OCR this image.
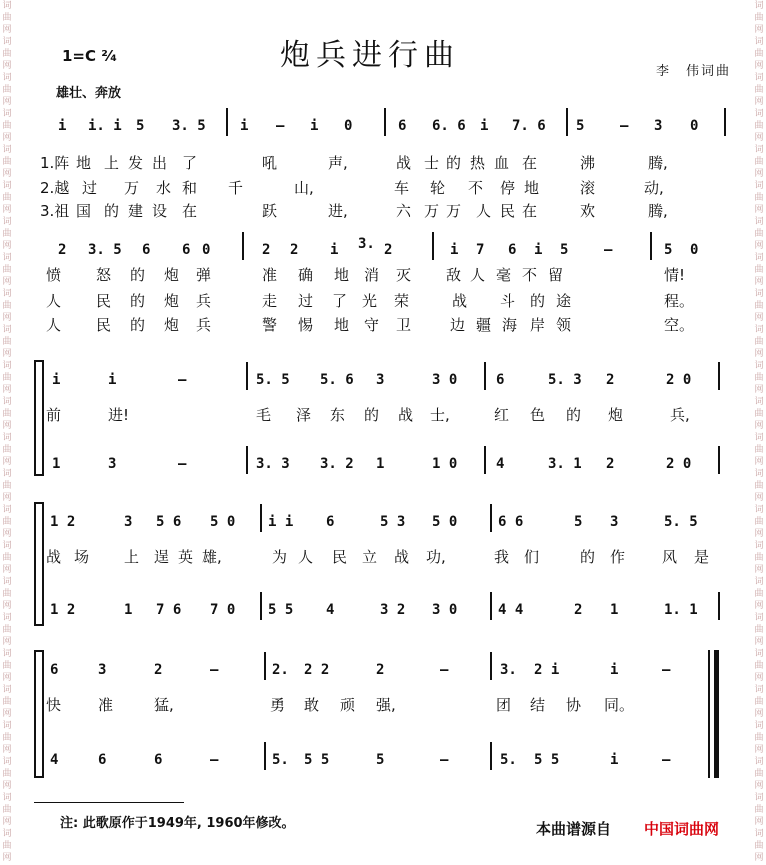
词
曲
网
词
曲
网
词
曲
网
词
曲
网
词
曲
网
词
曲
网
词
曲
网
词
曲
网
词
曲
网
词
曲
网
词
曲
网
词
曲
网
词
曲
网
词
曲
网
词
曲
网
词
曲
网
词
曲
网
词
曲
网
词
曲
网
词
曲
网
词
曲
网
词
曲
网
词
曲
网
词
曲
网
词
曲
网
词
曲
网
词
曲
网
词
曲
网
词
曲
网
词
曲
网
词
曲
网
词
曲
网
词
曲
网
词
曲
网
词
曲
网
词
曲
网
词
曲
网
词
曲
网
词
曲
网
词
曲
网
词
曲
网
词
曲
网
词
曲
网
词
曲
网
词
曲
网
词
曲
网
词
曲
网
词
曲
网
炮兵进行曲
1=C ²⁄₄
李　伟词曲
雄壮、奔放
i i. i 5 3. 5 i – i 0	6 6. 6 i 7. 6 5	– 3 0
1.阵 地 上 发 出 了	吼	声,	战 士 的 热 血 在	沸	腾,
2.越 过 万 水 和 千	山,	车 轮 不 停 地	滚	动,
3.祖 国 的 建 设 在	跃	进,	六 万 万 人 民 在	欢	腾,
2 3. 5 6 6 0	2 2 i 3. 2	i 7 6 i 5	–	5 0
愤 怒 的 炮 弹	准 确 地 消 灭 敌 人 毫 不 留	情!
人 民 的 炮 兵	走 过 了 光 荣	战 斗 的 途	程。
人 民 的 炮 兵	警 惕 地 守 卫	边 疆 海 岸 领	空。
i	i	–	5. 5 5. 6 3	3 0	6	5. 3 2	2 0
前	进!	毛 泽 东 的 战 士,	红 色 的 炮	兵,
1	3	–	3. 3 3. 2 1	1 0	4	3. 1 2	2 0
1 2	3 5 6 5 0 i i 6	5 3 5 0	6 6	5 3	5. 5
战 场 上 逞 英 雄,	为 人 民 立 战 功,	我 们	的 作 风 是
1 2	1 7 6 7 0 5 5 4	3 2 3 0	4 4	2 1	1. 1
6	3	2	–	2. 2 2	2	–	3. 2 i	i	–
快 准	猛,	勇 敢 顽 强,	团 结 协 同。
4	6	6	–	5. 5 5	5	–	5. 5 5	i	–
注: 此歌原作于1949年, 1960年修改。	本曲谱源自 中国词曲网
